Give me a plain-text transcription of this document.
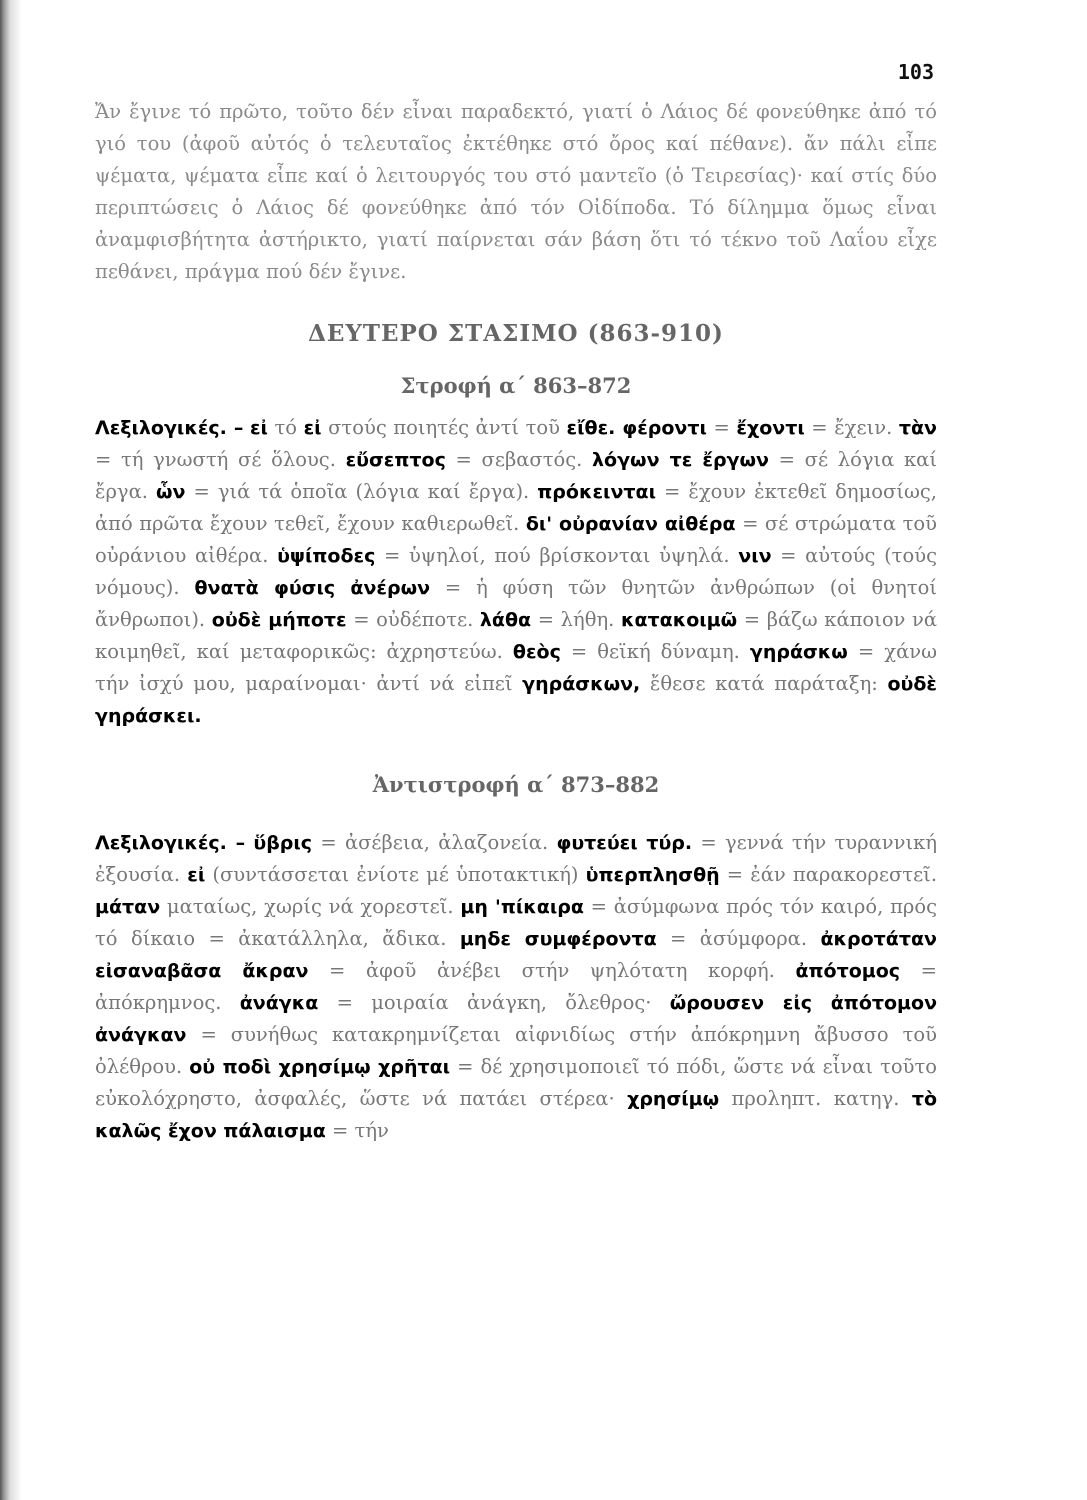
103

Ἄν ἔγινε τό πρῶτο, τοῦτο δέν εἶναι παραδεκτό, γιατί ὁ Λάιος δέ φονεύθηκε ἀπό τό γιό του (ἀφοῦ αὐτός ὁ τελευταῖος ἐκτέθηκε στό ὄρος καί πέθανε). ἄν πάλι εἶπε ψέματα, ψέματα εἶπε καί ὁ λειτουργός του στό μαντεῖο (ὁ Τειρεσίας)· καί στίς δύο περιπτώσεις ὁ Λάιος δέ φονεύθηκε ἀπό τόν Οἰδίποδα. Τό δίλημμα ὅμως εἶναι ἀναμφισβήτητα ἀστήρικτο, γιατί παίρνεται σάν βάση ὅτι τό τέκνο τοῦ Λαΐου εἶχε πεθάνει, πράγμα πού δέν ἔγινε.

ΔΕΥΤΕΡΟ ΣΤΑΣΙΜΟ (863-910)
Στροφή α΄ 863–872

Λεξιλογικές. – εἰ τό εἰ στούς ποιητές ἀντί τοῦ εἴθε. φέροντι = ἔχοντι = ἔχειν. τὰν = τή γνωστή σέ ὅλους. εὔσεπτος = σεβαστός. λόγων τε ἔργων = σέ λόγια καί ἔργα. ὧν = γιά τά ὁποῖα (λόγια καί ἔργα). πρόκεινται = ἔχουν ἐκτεθεῖ δημοσίως, ἀπό πρῶτα ἔχουν τεθεῖ, ἔχουν καθιερωθεῖ. δι' οὐρανίαν αἰθέρα = σέ στρώματα τοῦ οὐράνιου αἰθέρα. ὑψίποδες = ὑψηλοί, πού βρίσκονται ὑψηλά. νιν = αὐτούς (τούς νόμους). θνατὰ φύσις ἀνέρων = ἡ φύση τῶν θνητῶν ἀνθρώπων (οἱ θνητοί ἄνθρωποι). οὐδὲ μήποτε = οὐδέποτε. λάθα = λήθη. κατακοιμῶ = βάζω κάποιον νά κοιμηθεῖ, καί μεταφορικῶς: ἀχρηστεύω. θεὸς = θεϊκή δύναμη. γηράσκω = χάνω τήν ἰσχύ μου, μαραίνομαι· ἀντί νά εἰπεῖ γηράσκων, ἔθεσε κατά παράταξη: οὐδὲ γηράσκει.

Ἀντιστροφή α΄ 873–882

Λεξιλογικές. – ὕβρις = ἀσέβεια, ἀλαζονεία. φυτεύει τύρ. = γεννά τήν τυραννική ἐξουσία. εἰ (συντάσσεται ἐνίοτε μέ ὑποτακτική) ὑπερπλησθῇ = ἐάν παρακορεστεῖ. μάταν ματαίως, χωρίς νά χορεστεῖ. μη 'πίκαιρα = ἀσύμφωνα πρός τόν καιρό, πρός τό δίκαιο = ἀκατάλληλα, ἄδικα. μηδε συμφέροντα = ἀσύμφορα. ἀκροτάταν εἰσαναβᾶσα ἄκραν = ἀφοῦ ἀνέβει στήν ψηλότατη κορφή. ἀπότομος = ἀπόκρημνος. ἀνάγκα = μοιραία ἀνάγκη, ὄλεθρος· ὤρουσεν εἰς ἀπότομον ἀνάγκαν = συνήθως κατακρημνίζεται αἰφνιδίως στήν ἀπόκρημνη ἄβυσσο τοῦ ὀλέθρου. οὐ ποδὶ χρησίμῳ χρῆται = δέ χρησιμοποιεῖ τό πόδι, ὥστε νά εἶναι τοῦτο εὐκολόχρηστο, ἀσφαλές, ὥστε νά πατάει στέρεα· χρησίμῳ προληπτ. κατηγ. τὸ καλῶς ἔχον πάλαισμα = τήν
